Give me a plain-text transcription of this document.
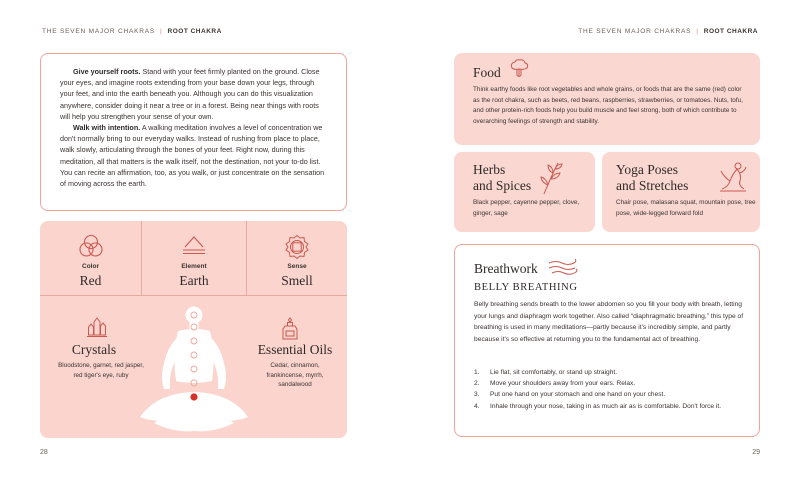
THE SEVEN MAJOR CHAKRAS | ROOT CHAKRA	THE SEVEN MAJOR CHAKRAS | ROOT CHAKRA

Give yourself roots. Stand with your feet firmly planted on the ground. Close your eyes, and imagine roots extending from your base down your legs, through your feet, and into the earth beneath you. Although you can do this visualization anywhere, consider doing it near a tree or in a forest. Being near things with roots will help you strengthen your sense of your own.

Walk with intention. A walking meditation involves a level of concentration we don't normally bring to our everyday walks. Instead of rushing from place to place, walk slowly, articulating through the bones of your feet. Right now, during this meditation, all that matters is the walk itself, not the destination, not your to-do list. You can recite an affirmation, too, as you walk, or just concentrate on the sensation of moving across the earth.

Color
Red
Element
Earth
Sense
Smell
Crystals
Bloodstone, garnet, red jasper, red tiger's eye, ruby
Essential Oils
Cedar, cinnamon, frankincense, myrrh, sandalwood
Food
Think earthy foods like root vegetables and whole grains, or foods that are the same (red) color as the root chakra, such as beets, red beans, raspberries, strawberries, or tomatoes. Nuts, tofu, and other protein-rich foods help you build muscle and feel strong, both of which contribute to overarching feelings of strength and stability.
Herbs
and Spices
Black pepper, cayenne pepper, clove, ginger, sage
Yoga Poses
and Stretches
Chair pose, malasana squat, mountain pose, tree pose, wide-legged forward fold
Breathwork
BELLY BREATHING
Belly breathing sends breath to the lower abdomen so you fill your body with breath, letting your lungs and diaphragm work together. Also called “diaphragmatic breathing,” this type of breathing is used in many meditations—partly because it's incredibly simple, and partly because it's so effective at returning you to the fundamental act of breathing.
1. Lie flat, sit comfortably, or stand up straight.
2. Move your shoulders away from your ears. Relax.
3. Put one hand on your stomach and one hand on your chest.
4. Inhale through your nose, taking in as much air as is comfortable. Don't force it.
28	29
